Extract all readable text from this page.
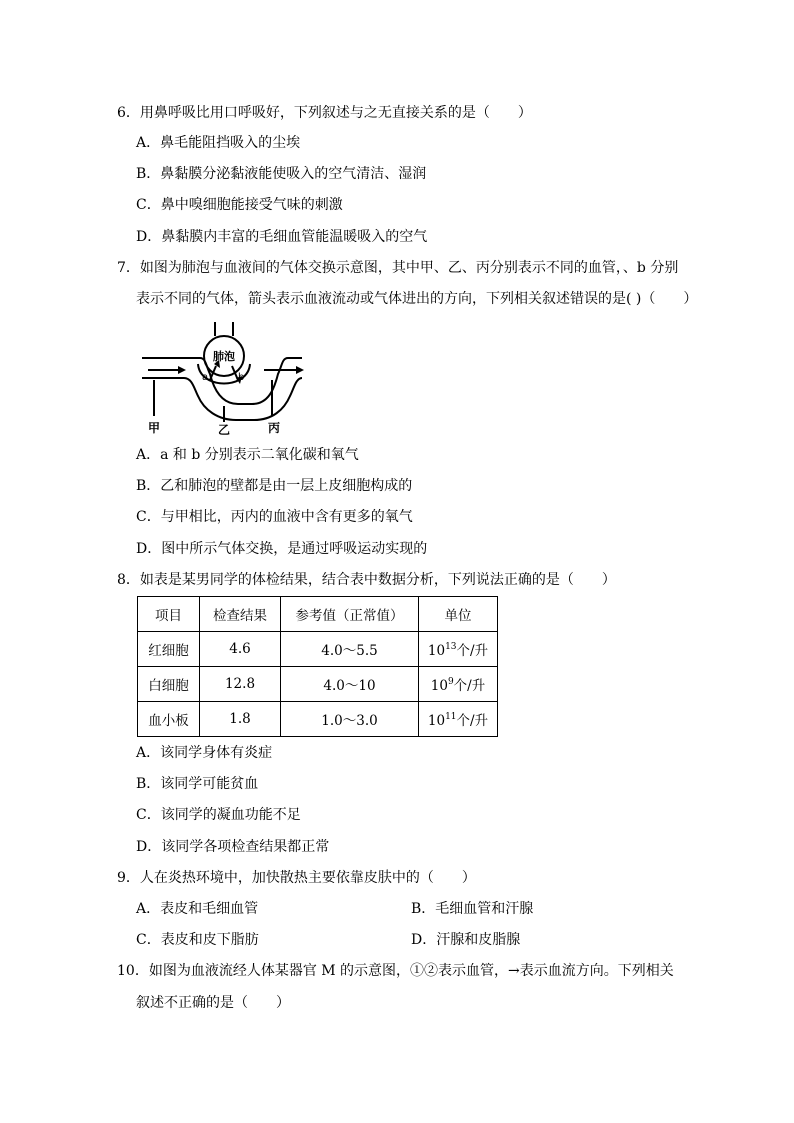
6．用鼻呼吸比用口呼吸好，下列叙述与之无直接关系的是（　　）
A．鼻毛能阻挡吸入的尘埃
B．鼻黏膜分泌黏液能使吸入的空气清洁、湿润
C．鼻中嗅细胞能接受气味的刺激
D．鼻黏膜内丰富的毛细血管能温暖吸入的空气
7．如图为肺泡与血液间的气体交换示意图，其中甲、乙、丙分别表示不同的血管，、b 分别
表示不同的气体，箭头表示血液流动或气体进出的方向，下列相关叙述错误的是( )（　　）
肺泡
a	b
甲	乙	丙
A．a 和 b 分别表示二氧化碳和氧气
B．乙和肺泡的壁都是由一层上皮细胞构成的
C．与甲相比，丙内的血液中含有更多的氧气
D．图中所示气体交换，是通过呼吸运动实现的
8．如表是某男同学的体检结果，结合表中数据分析，下列说法正确的是（　　）
项目	检查结果	参考值（正常值）	单位
红细胞	4.6	4.0～5.5	$10^{13}$个/升
白细胞	12.8	4.0～10	$10^9$个/升
血小板	1.8	1.0～3.0	$10^{11}$个/升
A．该同学身体有炎症
B．该同学可能贫血
C．该同学的凝血功能不足
D．该同学各项检查结果都正常
9．人在炎热环境中，加快散热主要依靠皮肤中的（　　）
A．表皮和毛细血管	B．毛细血管和汗腺
C．表皮和皮下脂肪	D．汗腺和皮脂腺
10．如图为血液流经人体某器官 M 的示意图，①②表示血管，→表示血流方向。下列相关
叙述不正确的是（　　）
